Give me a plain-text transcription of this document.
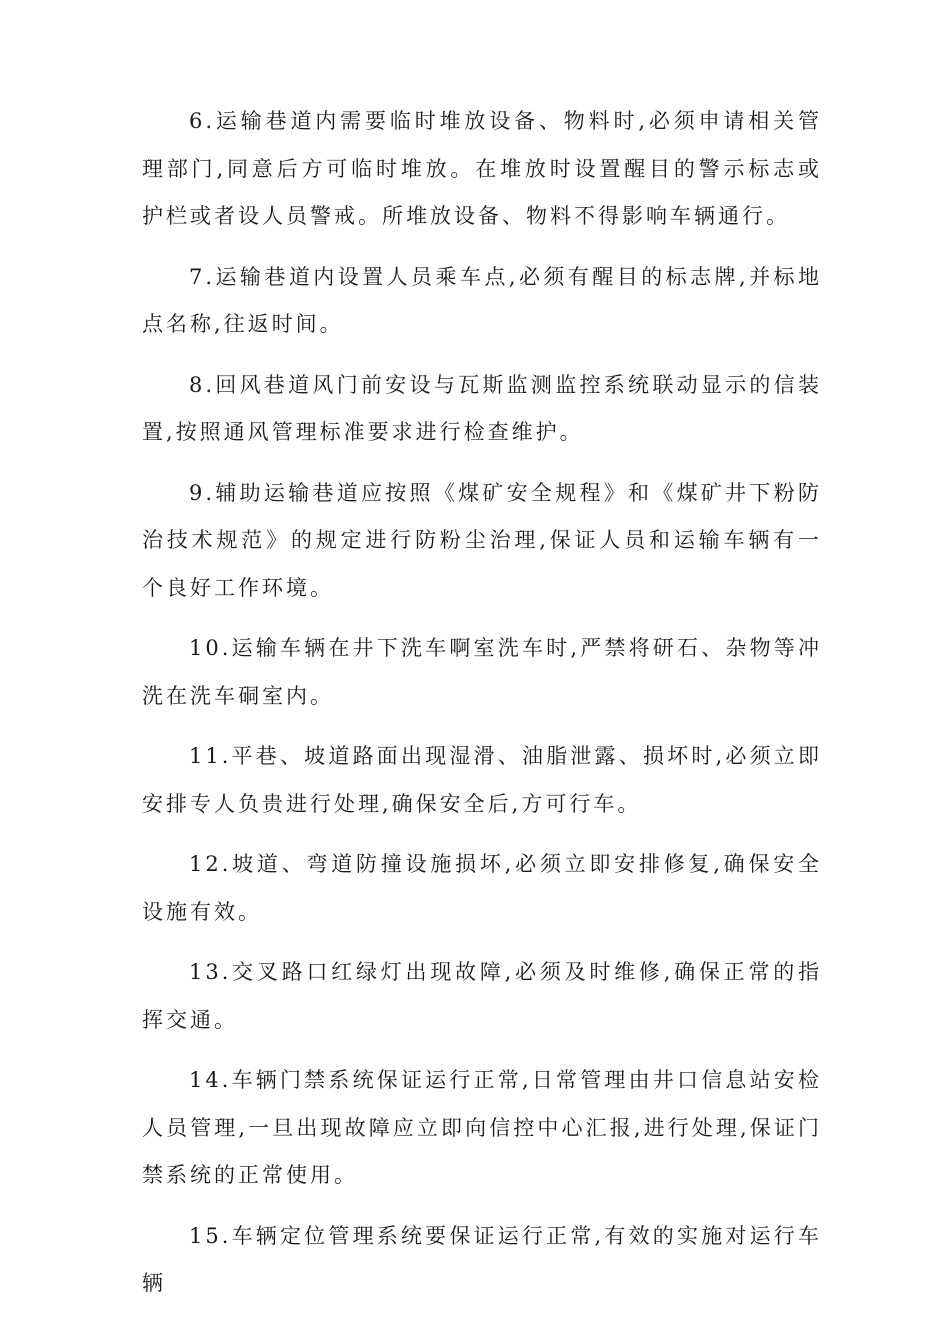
6.运输巷道内需要临时堆放设备、物料时,必须申请相关管理部门,同意后方可临时堆放。在堆放时设置醒目的警示标志或护栏或者设人员警戒。所堆放设备、物料不得影响车辆通行。

7.运输巷道内设置人员乘车点,必须有醒目的标志牌,并标地点名称,往返时间。

8.回风巷道风门前安设与瓦斯监测监控系统联动显示的信装置,按照通风管理标准要求进行检查维护。

9.辅助运输巷道应按照《煤矿安全规程》和《煤矿井下粉防治技术规范》的规定进行防粉尘治理,保证人员和运输车辆有一个良好工作环境。

10.运输车辆在井下洗车啊室洗车时,严禁将研石、杂物等冲洗在洗车硐室内。

11.平巷、坡道路面出现湿滑、油脂泄露、损坏时,必须立即安排专人负贵进行处理,确保安全后,方可行车。

12.坡道、弯道防撞设施损坏,必须立即安排修复,确保安全设施有效。

13.交叉路口红绿灯出现故障,必须及时维修,确保正常的指挥交通。

14.车辆门禁系统保证运行正常,日常管理由井口信息站安检人员管理,一旦出现故障应立即向信控中心汇报,进行处理,保证门禁系统的正常使用。

15.车辆定位管理系统要保证运行正常,有效的实施对运行车辆
